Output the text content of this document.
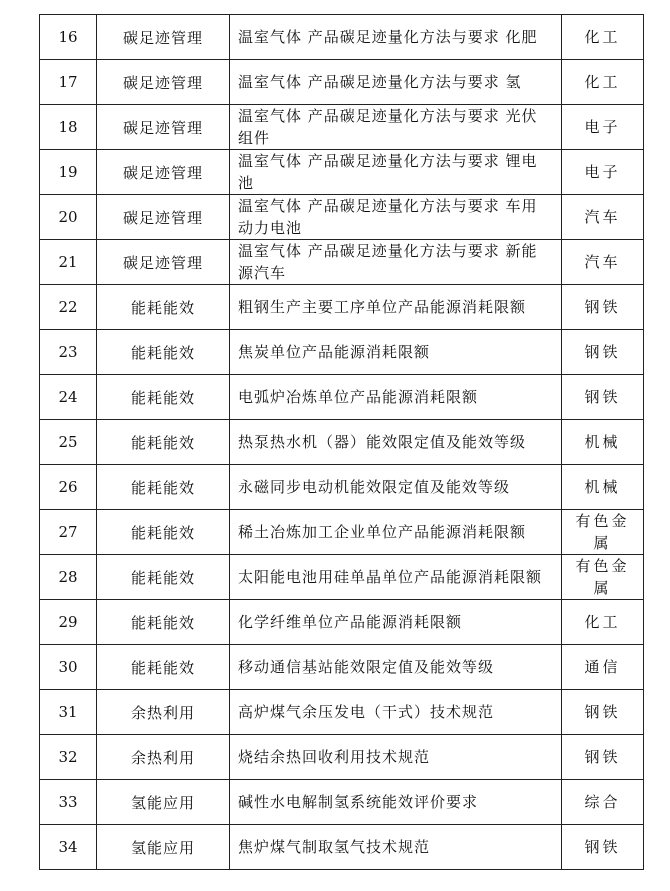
16	碳足迹管理	温室气体 产品碳足迹量化方法与要求 化肥	化工
17	碳足迹管理	温室气体 产品碳足迹量化方法与要求 氢	化工
18	碳足迹管理	温室气体 产品碳足迹量化方法与要求 光伏组件	电子
19	碳足迹管理	温室气体 产品碳足迹量化方法与要求 锂电池	电子
20	碳足迹管理	温室气体 产品碳足迹量化方法与要求 车用动力电池	汽车
21	碳足迹管理	温室气体 产品碳足迹量化方法与要求 新能源汽车	汽车
22	能耗能效	粗钢生产主要工序单位产品能源消耗限额	钢铁
23	能耗能效	焦炭单位产品能源消耗限额	钢铁
24	能耗能效	电弧炉冶炼单位产品能源消耗限额	钢铁
25	能耗能效	热泵热水机（器）能效限定值及能效等级	机械
26	能耗能效	永磁同步电动机能效限定值及能效等级	机械
27	能耗能效	稀土冶炼加工企业单位产品能源消耗限额	有色金属
28	能耗能效	太阳能电池用硅单晶单位产品能源消耗限额	有色金属
29	能耗能效	化学纤维单位产品能源消耗限额	化工
30	能耗能效	移动通信基站能效限定值及能效等级	通信
31	余热利用	高炉煤气余压发电（干式）技术规范	钢铁
32	余热利用	烧结余热回收利用技术规范	钢铁
33	氢能应用	碱性水电解制氢系统能效评价要求	综合
34	氢能应用	焦炉煤气制取氢气技术规范	钢铁
